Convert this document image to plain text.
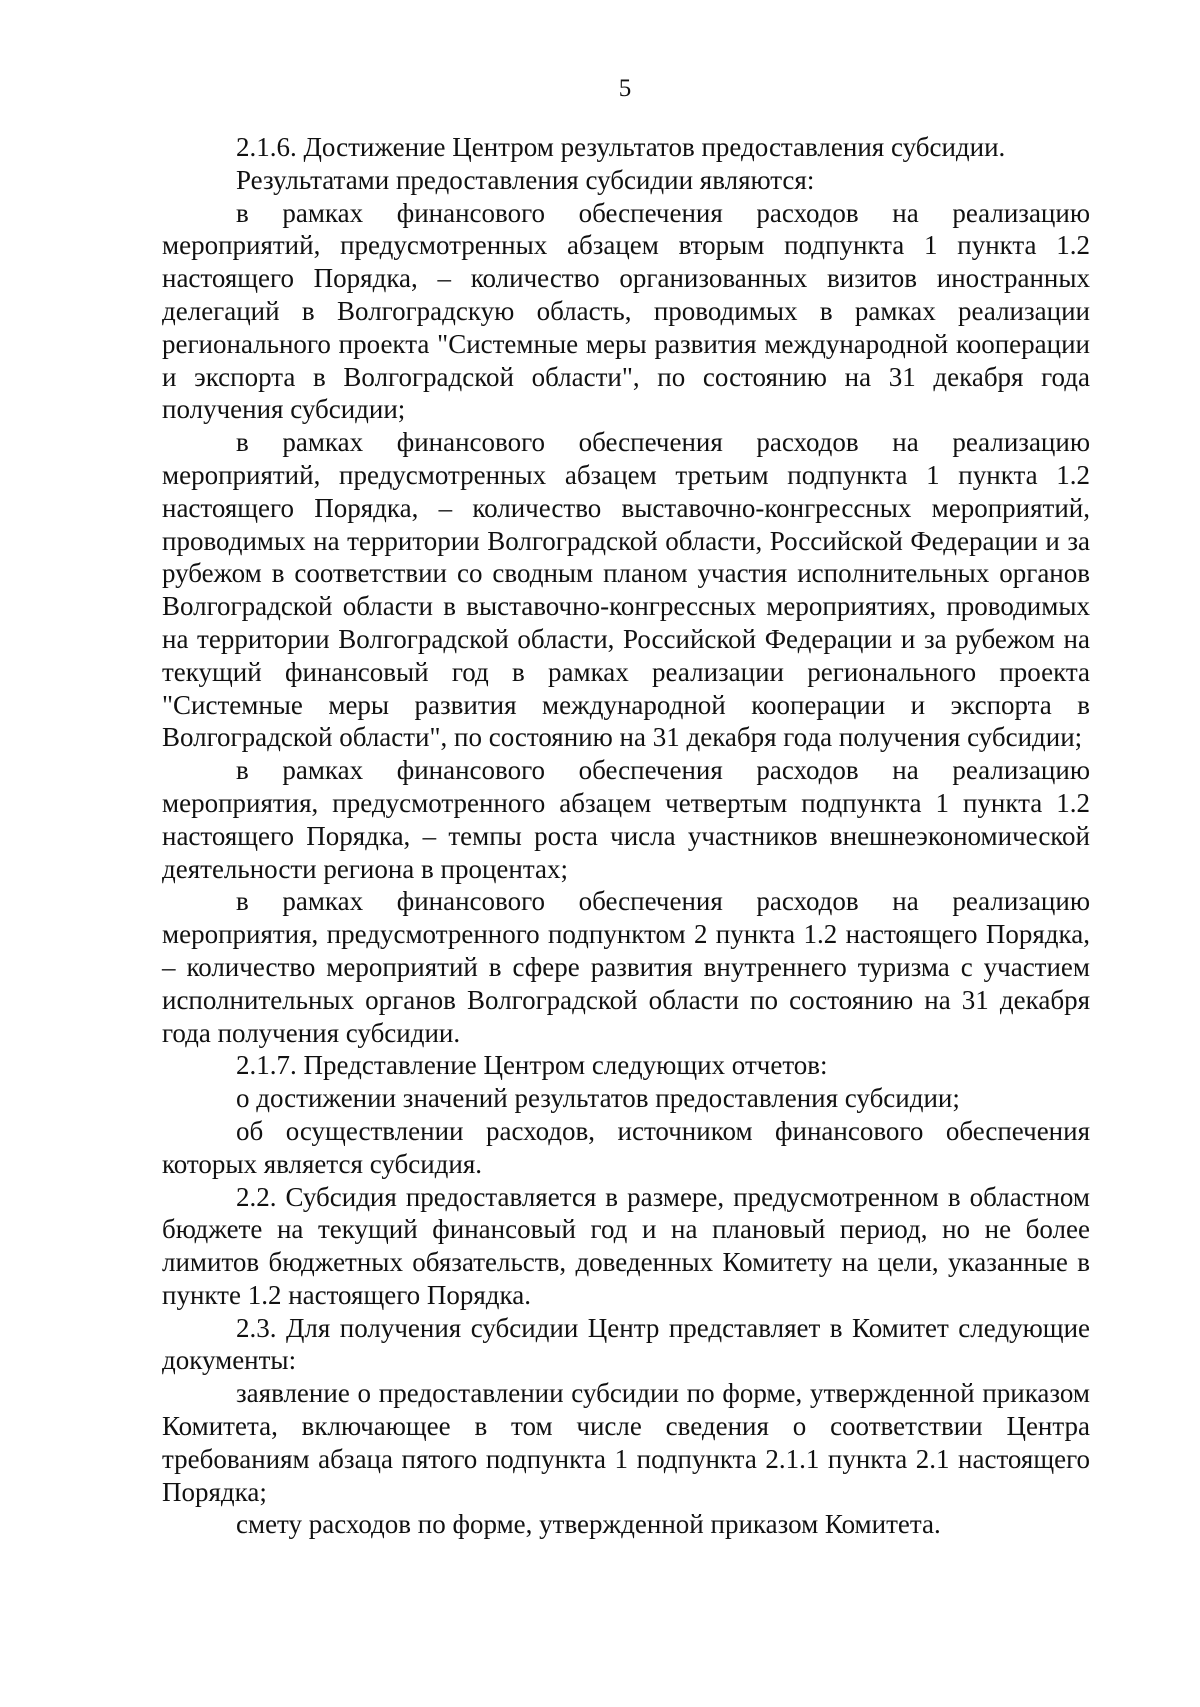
5

2.1.6. Достижение Центром результатов предоставления субсидии.

Результатами предоставления субсидии являются:

в рамках финансового обеспечения расходов на реализацию мероприятий, предусмотренных абзацем вторым подпункта 1 пункта 1.2 настоящего Порядка, – количество организованных визитов иностранных делегаций в Волгоградскую область, проводимых в рамках реализации регионального проекта "Системные меры развития международной кооперации и экспорта в Волгоградской области", по состоянию на 31 декабря года получения субсидии;

в рамках финансового обеспечения расходов на реализацию мероприятий, предусмотренных абзацем третьим подпункта 1 пункта 1.2 настоящего Порядка, – количество выставочно-конгрессных мероприятий, проводимых на территории Волгоградской области, Российской Федерации и за рубежом в соответствии со сводным планом участия исполнительных органов Волгоградской области в выставочно-конгрессных мероприятиях, проводимых на территории Волгоградской области, Российской Федерации и за рубежом на текущий финансовый год в рамках реализации регионального проекта "Системные меры развития международной кооперации и экспорта в Волгоградской области", по состоянию на 31 декабря года получения субсидии;

в рамках финансового обеспечения расходов на реализацию мероприятия, предусмотренного абзацем четвертым подпункта 1 пункта 1.2 настоящего Порядка, – темпы роста числа участников внешнеэкономической деятельности региона в процентах;

в рамках финансового обеспечения расходов на реализацию мероприятия, предусмотренного подпунктом 2 пункта 1.2 настоящего Порядка, – количество мероприятий в сфере развития внутреннего туризма с участием исполнительных органов Волгоградской области по состоянию на 31 декабря года получения субсидии.

2.1.7. Представление Центром следующих отчетов:

о достижении значений результатов предоставления субсидии;

об осуществлении расходов, источником финансового обеспечения которых является субсидия.

2.2. Субсидия предоставляется в размере, предусмотренном в областном бюджете на текущий финансовый год и на плановый период, но не более лимитов бюджетных обязательств, доведенных Комитету на цели, указанные в пункте 1.2 настоящего Порядка.

2.3. Для получения субсидии Центр представляет в Комитет следующие документы:

заявление о предоставлении субсидии по форме, утвержденной приказом Комитета, включающее в том числе сведения о соответствии Центра требованиям абзаца пятого подпункта 1 подпункта 2.1.1 пункта 2.1 настоящего Порядка;

смету расходов по форме, утвержденной приказом Комитета.
